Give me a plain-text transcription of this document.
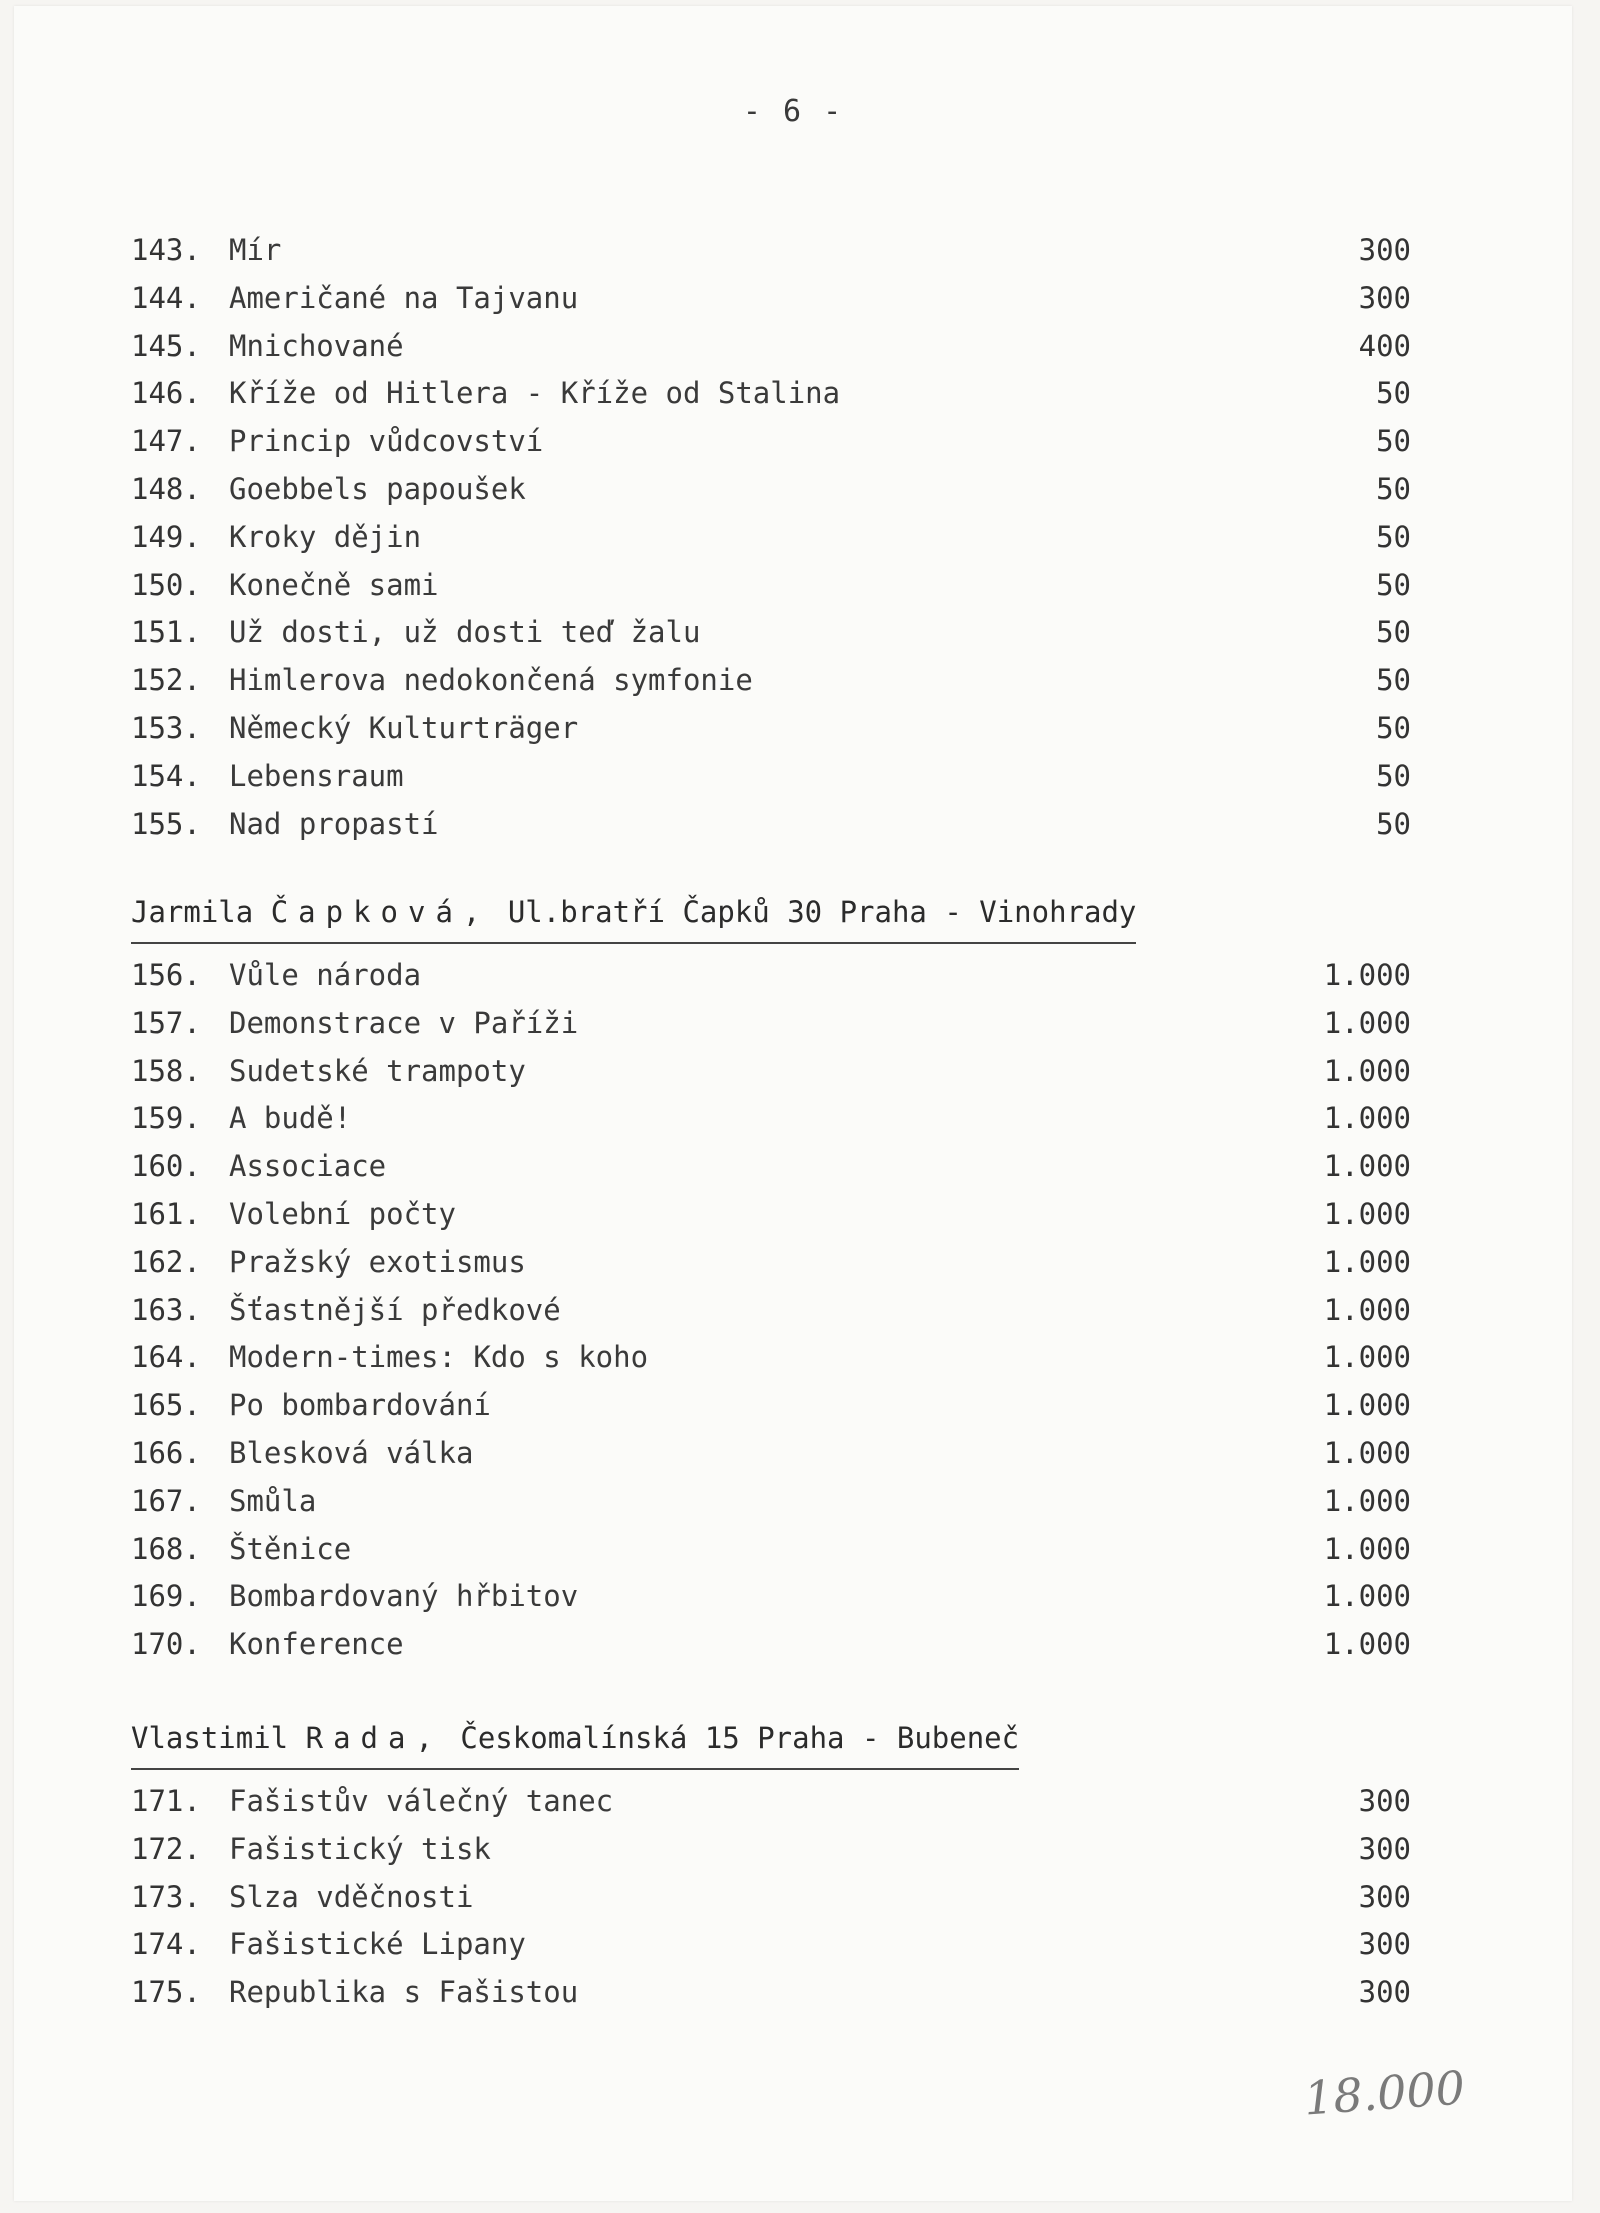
- 6 -
143. Mír	300
144. Američané na Tajvanu	300
145. Mnichované	400
146. Kříže od Hitlera - Kříže od Stalina	50
147. Princip vůdcovství	50
148. Goebbels papoušek	50
149. Kroky dějin	50
150. Konečně sami	50
151. Už dosti, už dosti teď žalu	50
152. Himlerova nedokončená symfonie	50
153. Německý Kulturträger	50
154. Lebensraum	50
155. Nad propastí	50
Jarmila Čapková, Ul.bratří Čapků 30 Praha - Vinohrady
156. Vůle národa	1.000
157. Demonstrace v Paříži	1.000
158. Sudetské trampoty	1.000
159. A budě!	1.000
160. Associace	1.000
161. Volební počty	1.000
162. Pražský exotismus	1.000
163. Šťastnější předkové	1.000
164. Modern-times: Kdo s koho	1.000
165. Po bombardování	1.000
166. Blesková válka	1.000
167. Smůla	1.000
168. Štěnice	1.000
169. Bombardovaný hřbitov	1.000
170. Konference	1.000
Vlastimil Rada, Českomalínská 15 Praha - Bubeneč
171. Fašistův válečný tanec	300
172. Fašistický tisk	300
173. Slza vděčnosti	300
174. Fašistické Lipany	300
175. Republika s Fašistou	300
18.000
